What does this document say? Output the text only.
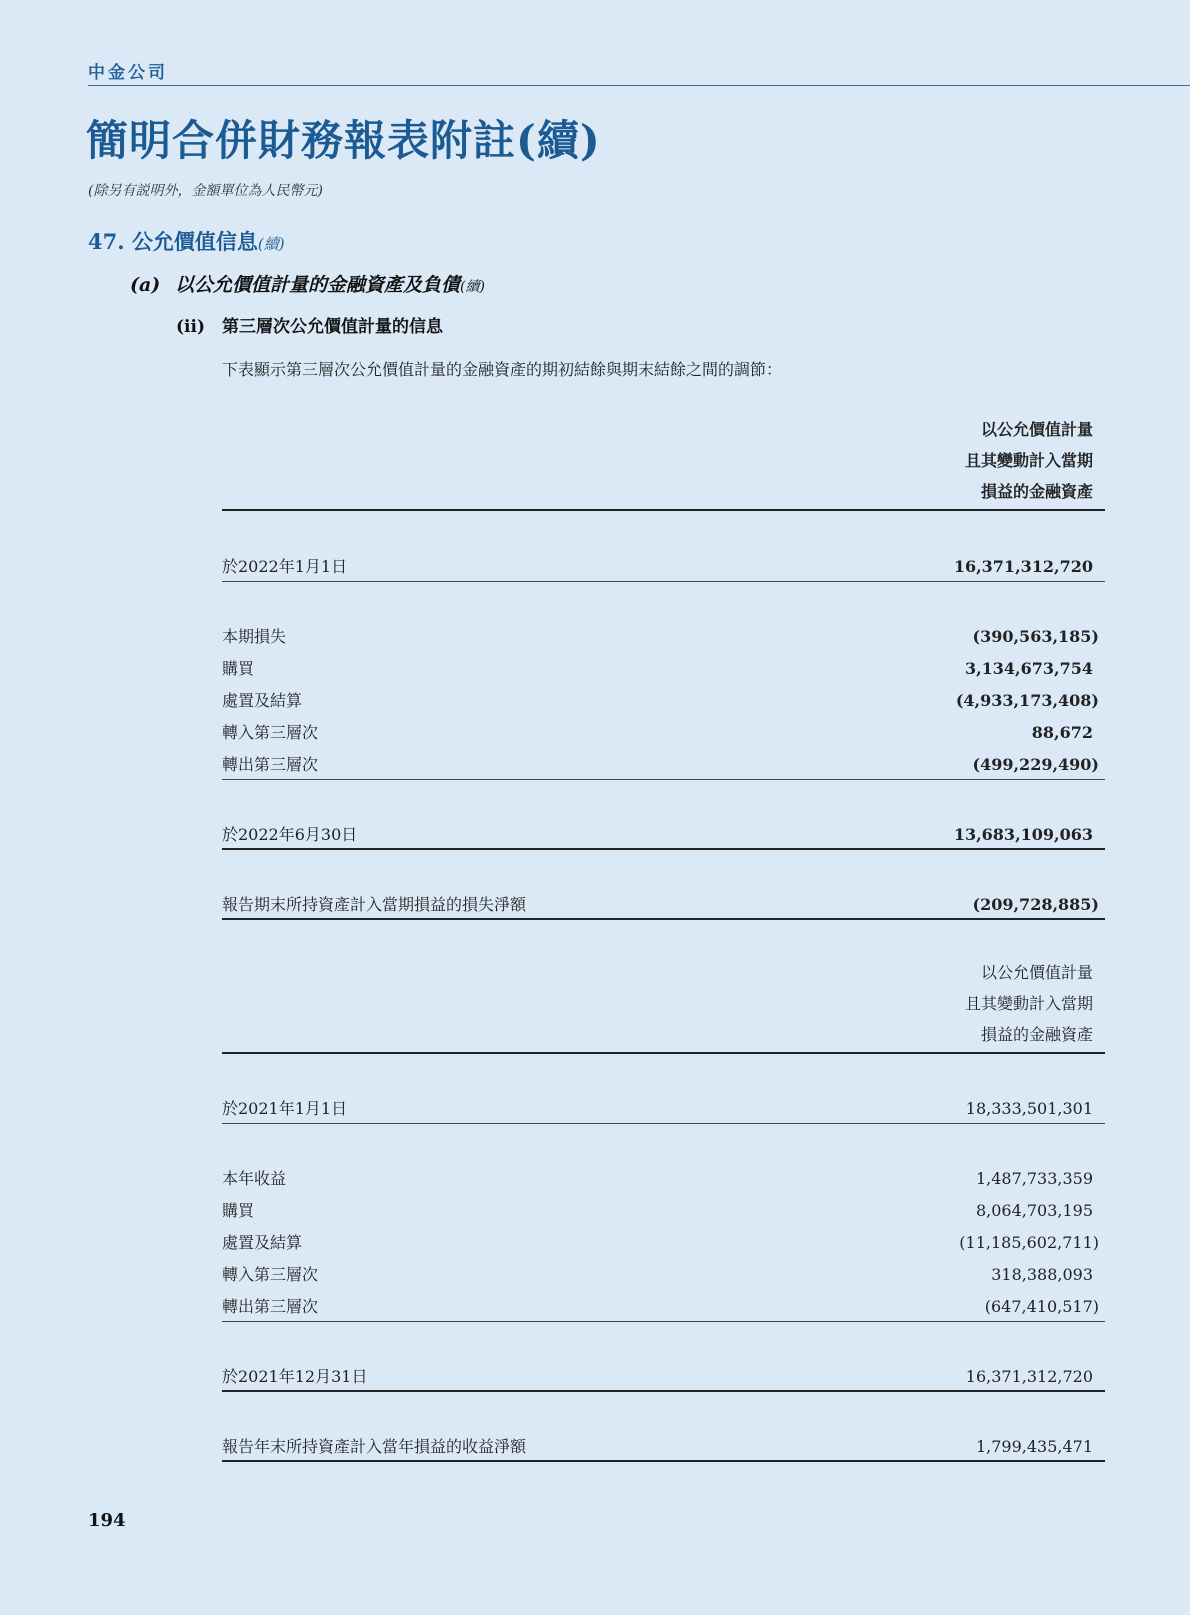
中金公司
簡明合併財務報表附註(續)
(除另有説明外，金額單位為人民幣元)
47. 公允價值信息(續)
(a) 以公允價值計量的金融資產及負債(續)
(ii) 第三層次公允價值計量的信息
下表顯示第三層次公允價值計量的金融資產的期初結餘與期末結餘之間的調節：
以公允價值計量
且其變動計入當期
損益的金融資產
於2022年1月1日	16,371,312,720
本期損失	(390,563,185)
購買	3,134,673,754
處置及結算	(4,933,173,408)
轉入第三層次	88,672
轉出第三層次	(499,229,490)
於2022年6月30日	13,683,109,063
報告期末所持資產計入當期損益的損失淨額	(209,728,885)
以公允價值計量
且其變動計入當期
損益的金融資產
於2021年1月1日	18,333,501,301
本年收益	1,487,733,359
購買	8,064,703,195
處置及結算	(11,185,602,711)
轉入第三層次	318,388,093
轉出第三層次	(647,410,517)
於2021年12月31日	16,371,312,720
報告年末所持資產計入當年損益的收益淨額	1,799,435,471
194
